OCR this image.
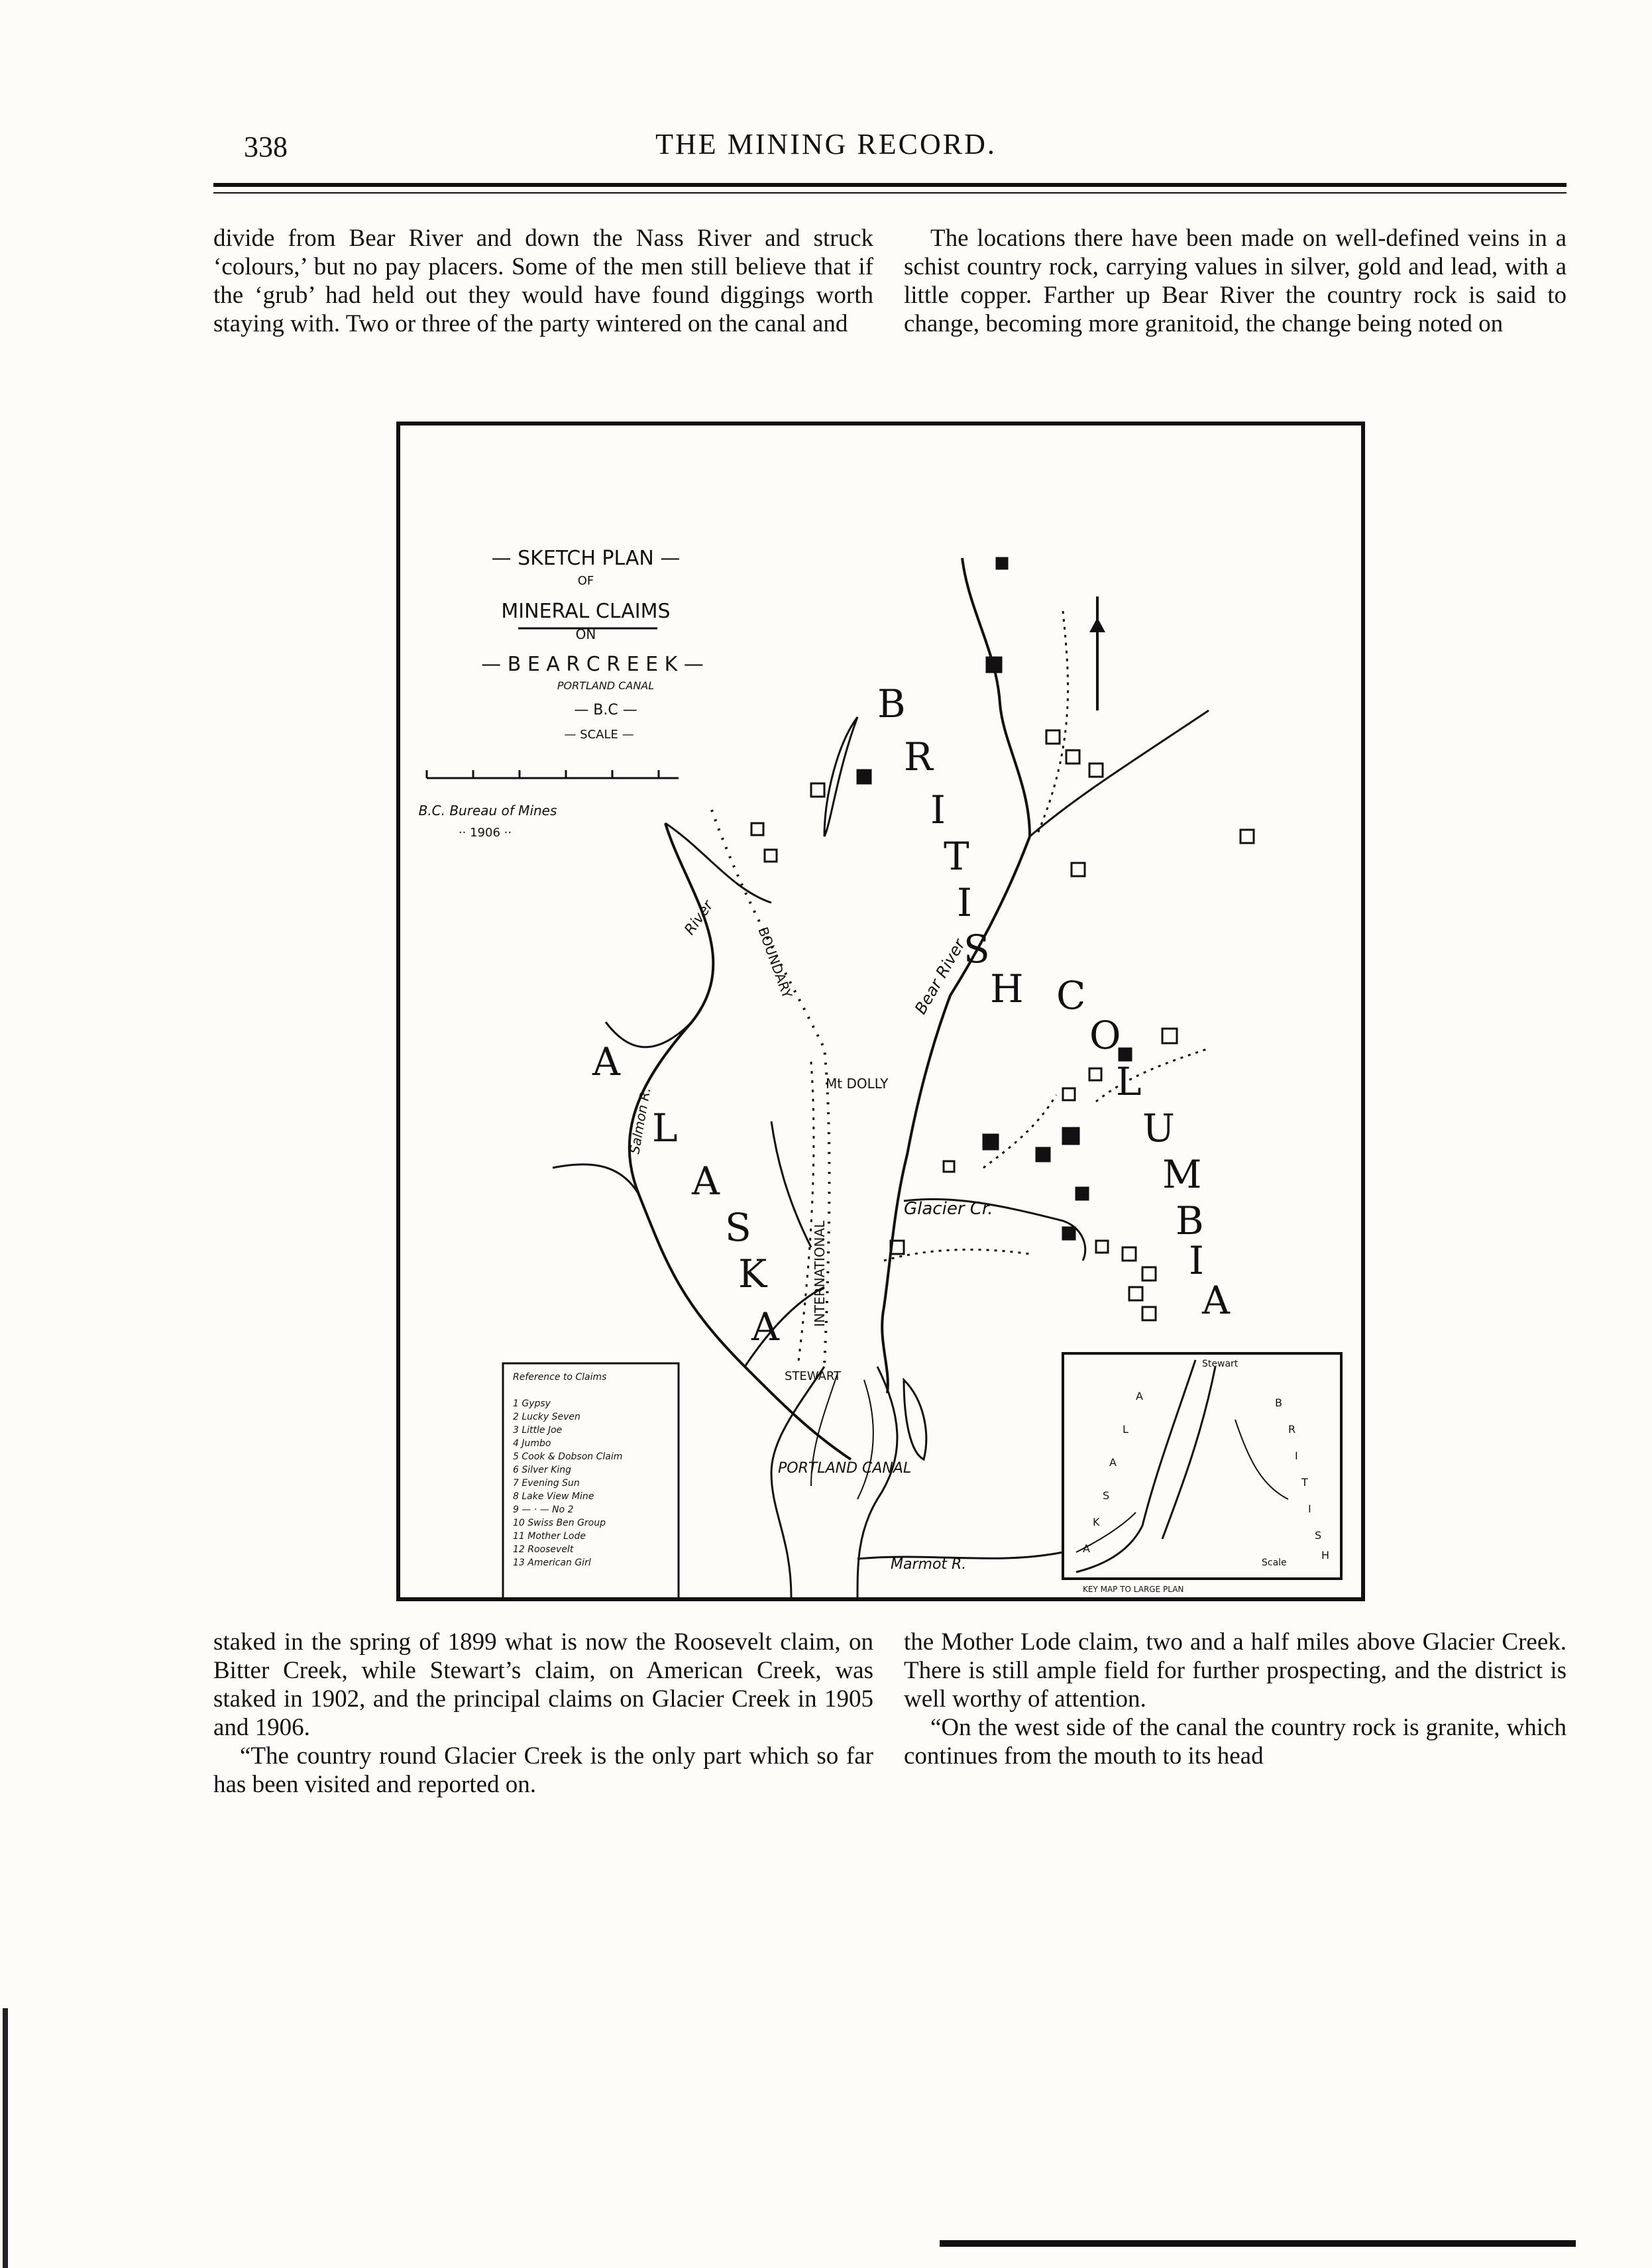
338	THE MINING RECORD.

divide from Bear River and down the Nass River and struck ‘colours,’ but no pay placers. Some of the men still believe that if the ‘grub’ had held out they would have found diggings worth staying with. Two or three of the party wintered on the canal and

The locations there have been made on well-defined veins in a schist country rock, carrying values in silver, gold and lead, with a little copper. Farther up Bear River the country rock is said to change, becoming more granitoid, the change being noted on

— SKETCH PLAN —
OF
MINERAL CLAIMS
ON
— B E A R C R E E K —
PORTLAND CANAL
— B.C —
— SCALE —
B.C. Bureau of Mines
·· 1906 ··
B
R
I
T
I
S
H C
O
L
U
M
B
I
A
A
L
A
S
K
A
Mt DOLLY
STEWART
PORTLAND CANAL
Glacier Cr.
Bear River
INTERNATIONAL
BOUNDARY
Salmon R.
River
Marmot R.
Reference to Claims
1 Gypsy
2 Lucky Seven
3 Little Joe
4 Jumbo
5 Cook & Dobson Claim
6 Silver King
7 Evening Sun
8 Lake View Mine
9 — · — No 2
10 Swiss Ben Group
11 Mother Lode
12 Roosevelt
13 American Girl
Stewart
Scale
KEY MAP TO LARGE PLAN
A
L
A
S
K
A
B
R
I
T
I
S
H

staked in the spring of 1899 what is now the Roosevelt claim, on Bitter Creek, while Stewart’s claim, on American Creek, was staked in 1902, and the principal claims on Glacier Creek in 1905 and 1906.

“The country round Glacier Creek is the only part which so far has been visited and reported on.

the Mother Lode claim, two and a half miles above Glacier Creek. There is still ample field for further prospecting, and the district is well worthy of attention.

“On the west side of the canal the country rock is granite, which continues from the mouth to its head
